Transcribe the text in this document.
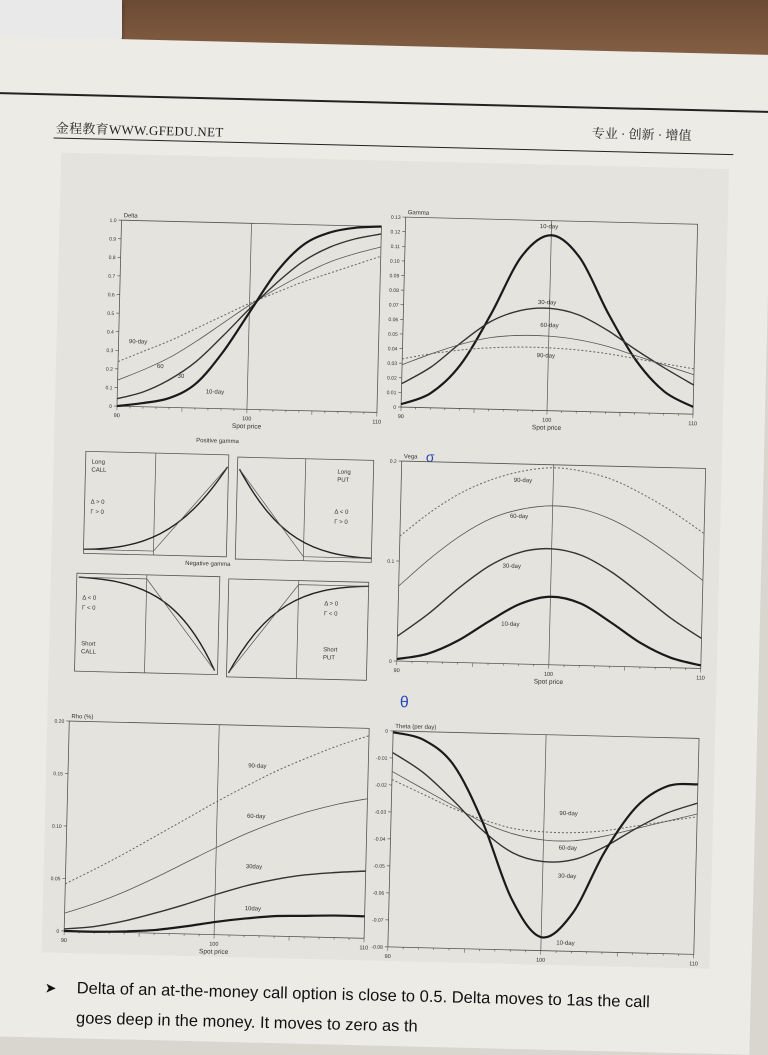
专业 · 创新 · 增值
金程教育WWW.GFEDU.NET
Positive gamma
Negative gamma
Long
CALL
Δ > 0
Γ > 0
Long
PUT
Δ < 0
Γ > 0
Δ < 0
Γ < 0
Short
CALL
Δ > 0
Γ < 0
Short
PUT
σ
θ
0
0.1
0.2
0.3
0.4
0.5
0.6
0.7
0.8
0.9
1.0
90
100
110
Delta
Spot price
90-day
60
30
10-day
0
0.01
0.02
0.03
0.04
0.05
0.06
0.07
0.08
0.09
0.10
0.11
0.12
0.13
90
100
110
Gamma
Spot price
10-day
30-day
60-day
90-day
0
0.1
0.2
90
100
110
Vega
Spot price
90-day
60-day
30-day
10-day
0
0.05
0.10
0.15
0.20
90
100
110
Rho (%)
Spot price
90-day
60-day
30day
10day
0
-0.01
-0.02
-0.03
-0.04
-0.05
-0.06
-0.07
-0.08
90
100
110
Theta (per day)
Spot price
90-day
60-day
30-day
10-day
➤ Delta of an at-the-money call option is close to 0.5. Delta moves to 1as the call

goes deep in the money. It moves to zero as th
